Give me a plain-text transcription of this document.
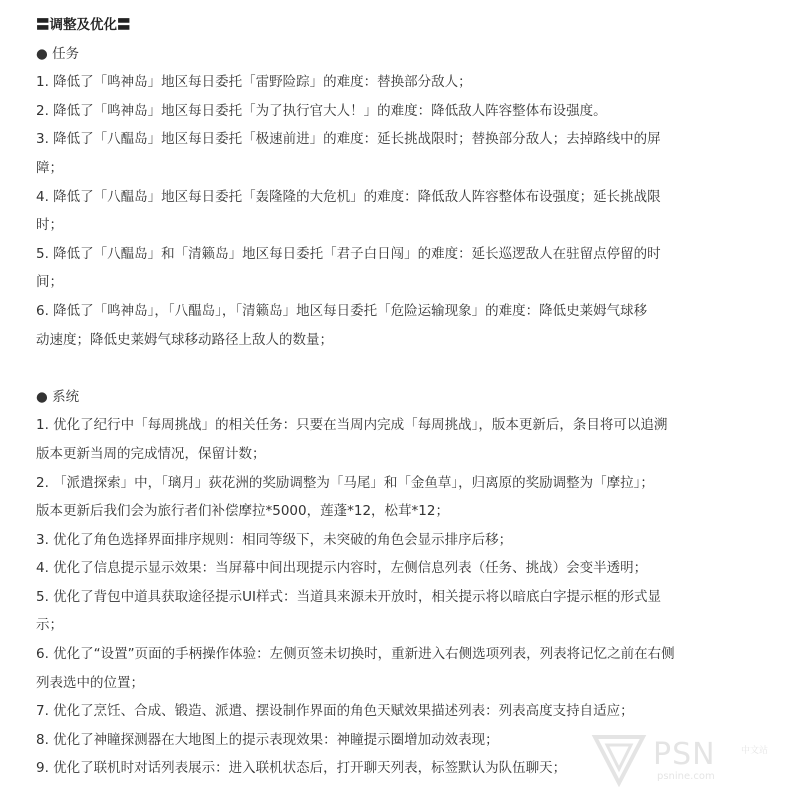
〓调整及优化〓
● 任务
1. 降低了「鸣神岛」地区每日委托「雷野险踪」的难度：替换部分敌人；
2. 降低了「鸣神岛」地区每日委托「为了执行官大人！」的难度：降低敌人阵容整体布设强度。
3. 降低了「八醖岛」地区每日委托「极速前进」的难度：延长挑战限时；替换部分敌人；去掉路线中的屏
障；
4. 降低了「八醖岛」地区每日委托「轰隆隆的大危机」的难度：降低敌人阵容整体布设强度；延长挑战限
时；
5. 降低了「八醖岛」和「清籁岛」地区每日委托「君子白日闯」的难度：延长巡逻敌人在驻留点停留的时
间；
6. 降低了「鸣神岛」，「八醖岛」，「清籁岛」地区每日委托「危险运输现象」的难度：降低史莱姆气球移
动速度；降低史莱姆气球移动路径上敌人的数量；
● 系统
1. 优化了纪行中「每周挑战」的相关任务：只要在当周内完成「每周挑战」，版本更新后，条目将可以追溯
版本更新当周的完成情况，保留计数；
2. 「派遣探索」中，「璃月」荻花洲的奖励调整为「马尾」和「金鱼草」，归离原的奖励调整为「摩拉」；
版本更新后我们会为旅行者们补偿摩拉*5000，莲蓬*12，松茸*12；
3. 优化了角色选择界面排序规则：相同等级下，未突破的角色会显示排序后移；
4. 优化了信息提示显示效果：当屏幕中间出现提示内容时，左侧信息列表（任务、挑战）会变半透明；
5. 优化了背包中道具获取途径提示UI样式：当道具来源未开放时，相关提示将以暗底白字提示框的形式显
示；
6. 优化了“设置”页面的手柄操作体验：左侧页签未切换时，重新进入右侧选项列表，列表将记忆之前在右侧
列表选中的位置；
7. 优化了烹饪、合成、锻造、派遣、摆设制作界面的角色天赋效果描述列表：列表高度支持自适应；
8. 优化了神瞳探测器在大地图上的提示表现效果：神瞳提示圈增加动效表现；
9. 优化了联机时对话列表展示：进入联机状态后，打开聊天列表，标签默认为队伍聊天；	PSN	中文站
psnine.com
